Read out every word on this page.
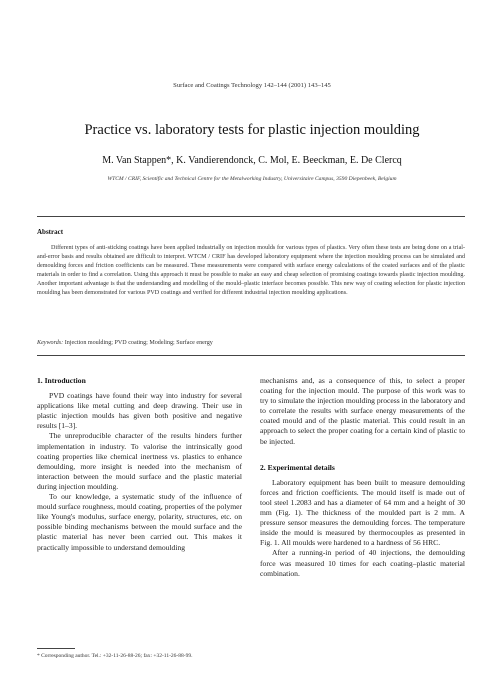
Surface and Coatings Technology 142–144 (2001) 143–145
Practice vs. laboratory tests for plastic injection moulding
M. Van Stappen*, K. Vandierendonck, C. Mol, E. Beeckman, E. De Clercq
WTCM / CRIF, Scientific and Technical Centre for the Metalworking Industry, Universitaire Campus, 3590 Diepenbeek, Belgium
Abstract

Different types of anti-sticking coatings have been applied industrially on injection moulds for various types of plastics. Very often these tests are being done on a trial-and-error basis and results obtained are difficult to interpret. WTCM / CRIF has developed laboratory equipment where the injection moulding process can be simulated and demoulding forces and friction coefficients can be measured. These measurements were compared with surface energy calculations of the coated surfaces and of the plastic materials in order to find a correlation. Using this approach it must be possible to make an easy and cheap selection of promising coatings towards plastic injection moulding. Another important advantage is that the understanding and modelling of the mould–plastic interface becomes possible. This new way of coating selection for plastic injection moulding has been demonstrated for various PVD coatings and verified for different industrial injection moulding applications.

Keywords: Injection moulding; PVD coating; Modeling; Surface energy
1. Introduction

PVD coatings have found their way into industry for several applications like metal cutting and deep drawing. Their use in plastic injection moulds has given both positive and negative results [1–3].

The unreproducible character of the results hinders further implementation in industry. To valorise the intrinsically good coating properties like chemical inertness vs. plastics to enhance demoulding, more insight is needed into the mechanism of interaction between the mould surface and the plastic material during injection moulding.

To our knowledge, a systematic study of the influence of mould surface roughness, mould coating, properties of the polymer like Young's modulus, surface energy, polarity, structures, etc. on possible binding mechanisms between the mould surface and the plastic material has never been carried out. This makes it practically impossible to understand demoulding

mechanisms and, as a consequence of this, to select a proper coating for the injection mould. The purpose of this work was to try to simulate the injection moulding process in the laboratory and to correlate the results with surface energy measurements of the coated mould and of the plastic material. This could result in an approach to select the proper coating for a certain kind of plastic to be injected.

2. Experimental details

Laboratory equipment has been built to measure demoulding forces and friction coefficients. The mould itself is made out of tool steel 1.2083 and has a diameter of 64 mm and a height of 30 mm (Fig. 1). The thickness of the moulded part is 2 mm. A pressure sensor measures the demoulding forces. The temperature inside the mould is measured by thermocouples as presented in Fig. 1. All moulds were hardened to a hardness of 56 HRC.

After a running-in period of 40 injections, the demoulding force was measured 10 times for each coating–plastic material combination.

* Corresponding author. Tel.: +32-11-26-88-26; fax: +32-11-26-88-99.
